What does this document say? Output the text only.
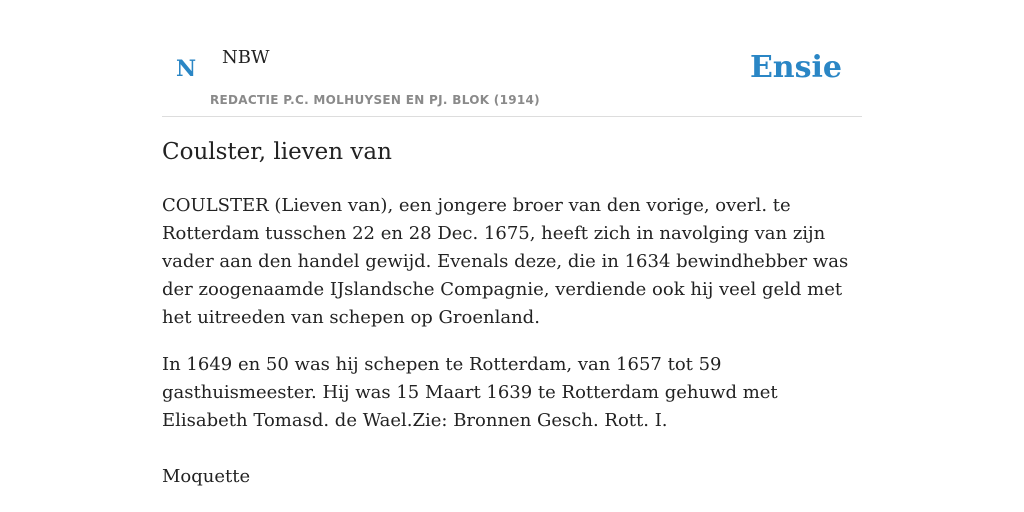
N NBW
REDACTIE P.C. MOLHUYSEN EN PJ. BLOK (1914)
Ensie
Coulster, lieven van

COULSTER (Lieven van), een jongere broer van den vorige, overl. te Rotterdam tusschen 22 en 28 Dec. 1675, heeft zich in navolging van zijn vader aan den handel gewijd. Evenals deze, die in 1634 bewindhebber was der zoogenaamde IJslandsche Compagnie, verdiende ook hij veel geld met het uitreeden van schepen op Groenland.

In 1649 en 50 was hij schepen te Rotterdam, van 1657 tot 59 gasthuismeester. Hij was 15 Maart 1639 te Rotterdam gehuwd met Elisabeth Tomasd. de Wael.Zie: Bronnen Gesch. Rott. I.

Moquette
